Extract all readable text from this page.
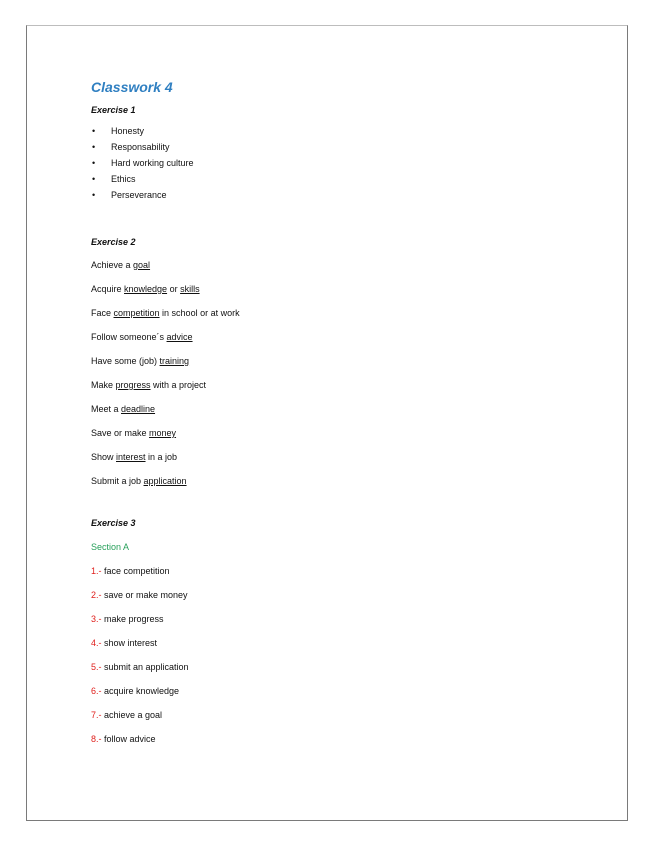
Classwork 4
Exercise 1
• Honesty
• Responsability
• Hard working culture
• Ethics
• Perseverance
Exercise 2
Achieve a goal
Acquire knowledge or skills
Face competition in school or at work
Follow someone´s advice
Have some (job) training
Make progress with a project
Meet a deadline
Save or make money
Show interest in a job
Submit a job application
Exercise 3
Section A
1.- face competition
2.- save or make money
3.- make progress
4.- show interest
5.- submit an application
6.- acquire knowledge
7.- achieve a goal
8.- follow advice
